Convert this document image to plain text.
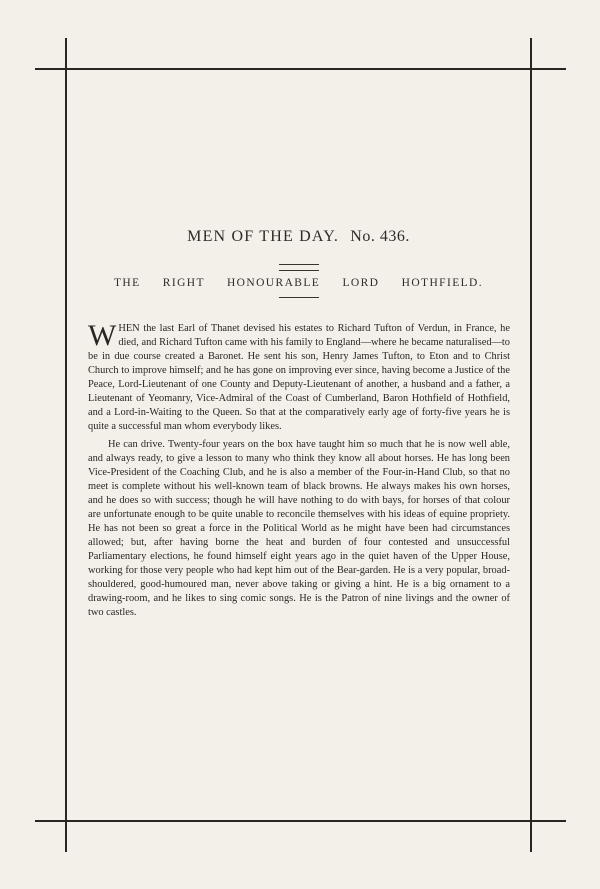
MEN OF THE DAY. No. 436.
THE RIGHT HONOURABLE LORD HOTHFIELD.

WHEN the last Earl of Thanet devised his estates to Richard Tufton of Verdun, in France, he died, and Richard Tufton came with his family to England—where he became naturalised—to be in due course created a Baronet. He sent his son, Henry James Tufton, to Eton and to Christ Church to improve himself; and he has gone on improving ever since, having become a Justice of the Peace, Lord-Lieutenant of one County and Deputy-Lieutenant of another, a husband and a father, a Lieutenant of Yeomanry, Vice-Admiral of the Coast of Cumberland, Baron Hothfield of Hothfield, and a Lord-in-Waiting to the Queen. So that at the comparatively early age of forty-five years he is quite a successful man whom everybody likes.

He can drive. Twenty-four years on the box have taught him so much that he is now well able, and always ready, to give a lesson to many who think they know all about horses. He has long been Vice-President of the Coaching Club, and he is also a member of the Four-in-Hand Club, so that no meet is complete without his well-known team of black browns. He always makes his own horses, and he does so with success; though he will have nothing to do with bays, for horses of that colour are unfortunate enough to be quite unable to reconcile themselves with his ideas of equine propriety. He has not been so great a force in the Political World as he might have been had circumstances allowed; but, after having borne the heat and burden of four contested and unsuccessful Parliamentary elections, he found himself eight years ago in the quiet haven of the Upper House, working for those very people who had kept him out of the Bear-garden. He is a very popular, broad-shouldered, good-humoured man, never above taking or giving a hint. He is a big ornament to a drawing-room, and he likes to sing comic songs. He is the Patron of nine livings and the owner of two castles.
